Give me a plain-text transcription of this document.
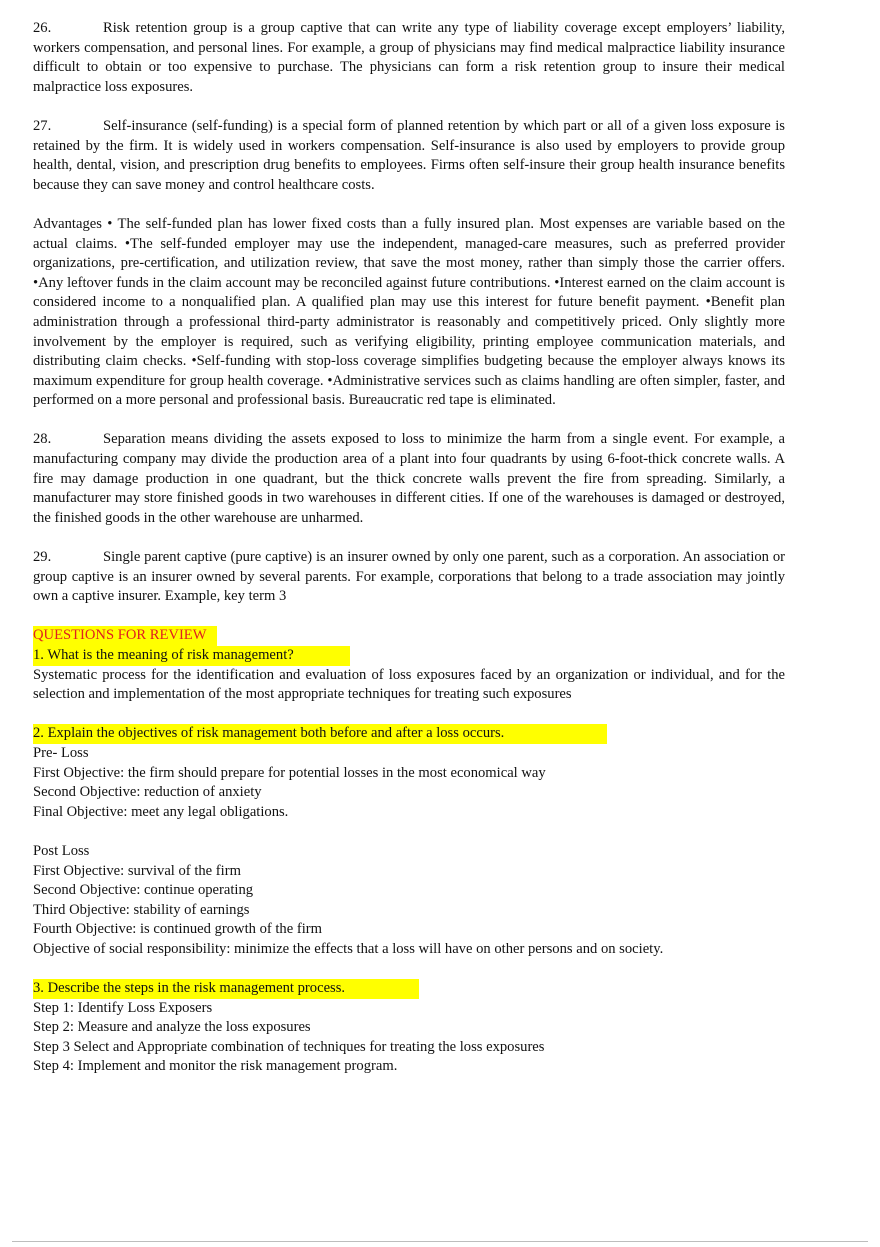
26.	Risk retention group is a group captive that can write any type of liability coverage except employers’ liability, workers compensation, and personal lines. For example, a group of physicians may find medical malpractice liability insurance difficult to obtain or too expensive to purchase. The physicians can form a risk retention group to insure their medical malpractice loss exposures.

27.	Self-insurance (self-funding) is a special form of planned retention by which part or all of a given loss exposure is retained by the firm. It is widely used in workers compensation. Self-insurance is also used by employers to provide group health, dental, vision, and prescription drug benefits to employees. Firms often self-insure their group health insurance benefits because they can save money and control healthcare costs.

Advantages • The self-funded plan has lower fixed costs than a fully insured plan. Most expenses are variable based on the actual claims. •The self-funded employer may use the independent, managed-care measures, such as preferred provider organizations, pre-certification, and utilization review, that save the most money, rather than simply those the carrier offers. •Any leftover funds in the claim account may be reconciled against future contributions. •Interest earned on the claim account is considered income to a nonqualified plan. A qualified plan may use this interest for future benefit payment. •Benefit plan administration through a professional third-party administrator is reasonably and competitively priced. Only slightly more involvement by the employer is required, such as verifying eligibility, printing employee communication materials, and distributing claim checks. •Self-funding with stop-loss coverage simplifies budgeting because the employer always knows its maximum expenditure for group health coverage. •Administrative services such as claims handling are often simpler, faster, and performed on a more personal and professional basis. Bureaucratic red tape is eliminated.

28.	Separation means dividing the assets exposed to loss to minimize the harm from a single event. For example, a manufacturing company may divide the production area of a plant into four quadrants by using 6-foot-thick concrete walls. A fire may damage production in one quadrant, but the thick concrete walls prevent the fire from spreading. Similarly, a manufacturer may store finished goods in two warehouses in different cities. If one of the warehouses is damaged or destroyed, the finished goods in the other warehouse are unharmed.

29.	Single parent captive (pure captive) is an insurer owned by only one parent, such as a corporation. An association or group captive is an insurer owned by several parents. For example, corporations that belong to a trade association may jointly own a captive insurer. Example, key term 3

QUESTIONS FOR REVIEW
1. What is the meaning of risk management?
Systematic process for the identification and evaluation of loss exposures faced by an organization or individual, and for the selection and implementation of the most appropriate techniques for treating such exposures
2. Explain the objectives of risk management both before and after a loss occurs.
Pre- Loss
First Objective: the firm should prepare for potential losses in the most economical way
Second Objective: reduction of anxiety
Final Objective: meet any legal obligations.
Post Loss
First Objective: survival of the firm
Second Objective: continue operating
Third Objective: stability of earnings
Fourth Objective: is continued growth of the firm
Objective of social responsibility: minimize the effects that a loss will have on other persons and on society.
3. Describe the steps in the risk management process.
Step 1: Identify Loss Exposers
Step 2: Measure and analyze the loss exposures
Step 3 Select and Appropriate combination of techniques for treating the loss exposures
Step 4: Implement and monitor the risk management program.
